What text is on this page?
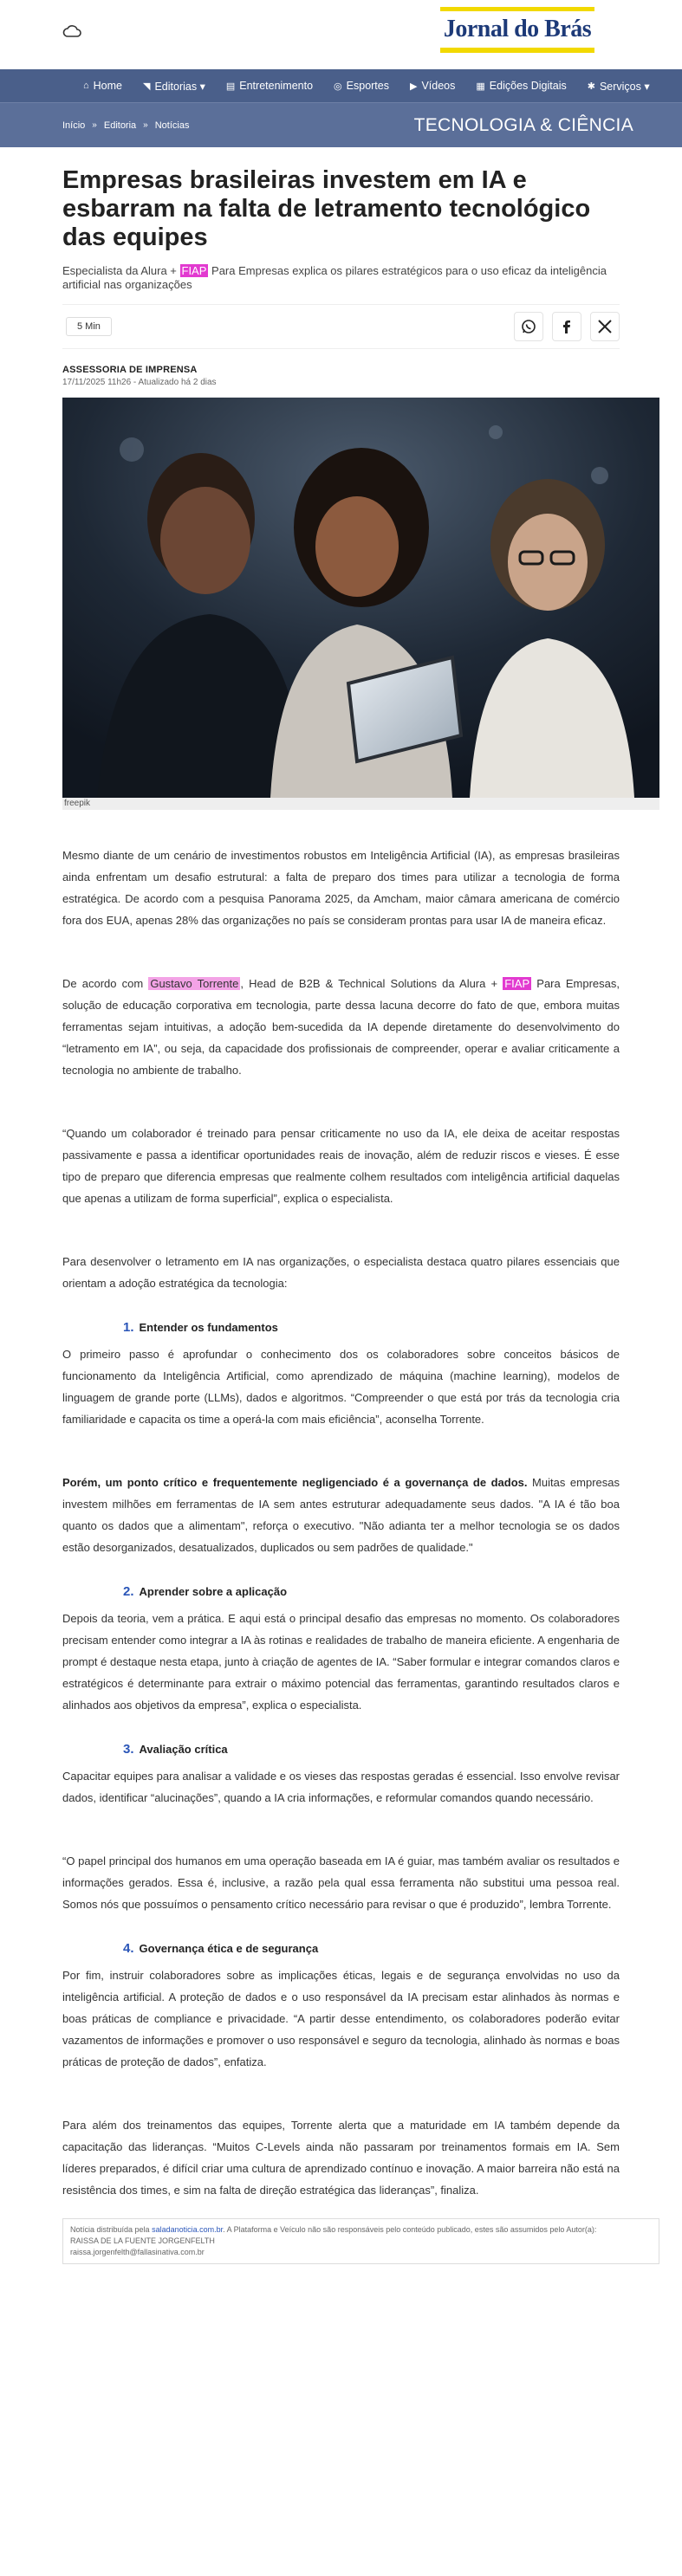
Jornal do Brás
⌂ Home ◥ Editorias ▾ ▤ Entretenimento ◎ Esportes ▶ Vídeos ▦ Edições Digitais ✱ Serviços ▾
Início » Editoria » Notícias	TECNOLOGIA & CIÊNCIA
Empresas brasileiras investem em IA e esbarram na falta de letramento tecnológico das equipes
Especialista da Alura + FIAP Para Empresas explica os pilares estratégicos para o uso eficaz da inteligência artificial nas organizações
5 Min
ASSESSORIA DE IMPRENSA
17/11/2025 11h26 - Atualizado há 2 dias
freepik

Mesmo diante de um cenário de investimentos robustos em Inteligência Artificial (IA), as empresas brasileiras ainda enfrentam um desafio estrutural: a falta de preparo dos times para utilizar a tecnologia de forma estratégica. De acordo com a pesquisa Panorama 2025, da Amcham, maior câmara americana de comércio fora dos EUA, apenas 28% das organizações no país se consideram prontas para usar IA de maneira eficaz.

De acordo com Gustavo Torrente , Head de B2B & Technical Solutions da Alura + FIAP Para Empresas, solução de educação corporativa em tecnologia, parte dessa lacuna decorre do fato de que, embora muitas ferramentas sejam intuitivas, a adoção bem-sucedida da IA depende diretamente do desenvolvimento do “letramento em IA”, ou seja, da capacidade dos profissionais de compreender, operar e avaliar criticamente a tecnologia no ambiente de trabalho.

“Quando um colaborador é treinado para pensar criticamente no uso da IA, ele deixa de aceitar respostas passivamente e passa a identificar oportunidades reais de inovação, além de reduzir riscos e vieses. É esse tipo de preparo que diferencia empresas que realmente colhem resultados com inteligência artificial daquelas que apenas a utilizam de forma superficial”, explica o especialista.

Para desenvolver o letramento em IA nas organizações, o especialista destaca quatro pilares essenciais que orientam a adoção estratégica da tecnologia:

1. Entender os fundamentos

O primeiro passo é aprofundar o conhecimento dos os colaboradores sobre conceitos básicos de funcionamento da Inteligência Artificial, como aprendizado de máquina (machine learning), modelos de linguagem de grande porte (LLMs), dados e algoritmos. “Compreender o que está por trás da tecnologia cria familiaridade e capacita os time a operá-la com mais eficiência”, aconselha Torrente.

Porém, um ponto crítico e frequentemente negligenciado é a governança de dados. Muitas empresas investem milhões em ferramentas de IA sem antes estruturar adequadamente seus dados. "A IA é tão boa quanto os dados que a alimentam", reforça o executivo. "Não adianta ter a melhor tecnologia se os dados estão desorganizados, desatualizados, duplicados ou sem padrões de qualidade."

2. Aprender sobre a aplicação

Depois da teoria, vem a prática. E aqui está o principal desafio das empresas no momento. Os colaboradores precisam entender como integrar a IA às rotinas e realidades de trabalho de maneira eficiente. A engenharia de prompt é destaque nesta etapa, junto à criação de agentes de IA. “Saber formular e integrar comandos claros e estratégicos é determinante para extrair o máximo potencial das ferramentas, garantindo resultados claros e alinhados aos objetivos da empresa”, explica o especialista.

3. Avaliação crítica

Capacitar equipes para analisar a validade e os vieses das respostas geradas é essencial. Isso envolve revisar dados, identificar “alucinações”, quando a IA cria informações, e reformular comandos quando necessário.

“O papel principal dos humanos em uma operação baseada em IA é guiar, mas também avaliar os resultados e informações gerados. Essa é, inclusive, a razão pela qual essa ferramenta não substitui uma pessoa real. Somos nós que possuímos o pensamento crítico necessário para revisar o que é produzido”, lembra Torrente.

4. Governança ética e de segurança

Por fim, instruir colaboradores sobre as implicações éticas, legais e de segurança envolvidas no uso da inteligência artificial. A proteção de dados e o uso responsável da IA precisam estar alinhados às normas e boas práticas de compliance e privacidade. “A partir desse entendimento, os colaboradores poderão evitar vazamentos de informações e promover o uso responsável e seguro da tecnologia, alinhado às normas e boas práticas de proteção de dados”, enfatiza.

Para além dos treinamentos das equipes, Torrente alerta que a maturidade em IA também depende da capacitação das lideranças. “Muitos C-Levels ainda não passaram por treinamentos formais em IA. Sem líderes preparados, é difícil criar uma cultura de aprendizado contínuo e inovação. A maior barreira não está na resistência dos times, e sim na falta de direção estratégica das lideranças”, finaliza.

Notícia distribuída pela saladanoticia.com.br. A Plataforma e Veículo não são responsáveis pelo conteúdo publicado, estes são assumidos pelo Autor(a):
RAISSA DE LA FUENTE JORGENFELTH
raissa.jorgenfelth@fallasinativa.com.br
